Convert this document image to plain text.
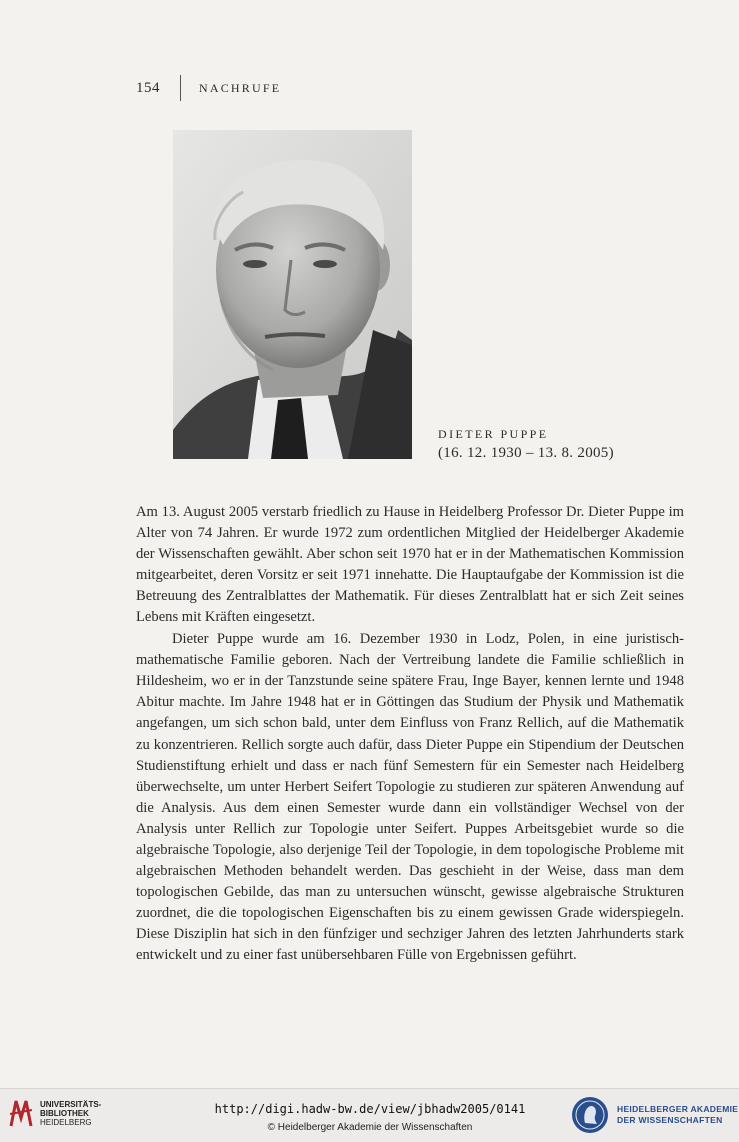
154	NACHRUFE
DIETER PUPPE
(16. 12. 1930 – 13. 8. 2005)

Am 13. August 2005 verstarb friedlich zu Hause in Heidelberg Professor Dr. Dieter Puppe im Alter von 74 Jahren. Er wurde 1972 zum ordentlichen Mitglied der Heidelberger Akademie der Wissenschaften gewählt. Aber schon seit 1970 hat er in der Mathematischen Kommission mitgearbeitet, deren Vorsitz er seit 1971 innehatte. Die Hauptaufgabe der Kommission ist die Betreuung des Zentralblattes der Mathematik. Für dieses Zentralblatt hat er sich Zeit seines Lebens mit Kräften eingesetzt.

Dieter Puppe wurde am 16. Dezember 1930 in Lodz, Polen, in eine juristisch-mathematische Familie geboren. Nach der Vertreibung landete die Familie schließlich in Hildesheim, wo er in der Tanzstunde seine spätere Frau, Inge Bayer, kennen lernte und 1948 Abitur machte. Im Jahre 1948 hat er in Göttingen das Studium der Physik und Mathematik angefangen, um sich schon bald, unter dem Einfluss von Franz Rellich, auf die Mathematik zu konzentrieren. Rellich sorgte auch dafür, dass Dieter Puppe ein Stipendium der Deutschen Studienstiftung erhielt und dass er nach fünf Semestern für ein Semester nach Heidelberg überwechselte, um unter Herbert Seifert Topologie zu studieren zur späteren Anwendung auf die Analysis. Aus dem einen Semester wurde dann ein vollständiger Wechsel von der Analysis unter Rellich zur Topologie unter Seifert. Puppes Arbeitsgebiet wurde so die algebraische Topologie, also derjenige Teil der Topologie, in dem topologische Probleme mit algebraischen Methoden behandelt werden. Das geschieht in der Weise, dass man dem topologischen Gebilde, das man zu untersuchen wünscht, gewisse algebraische Strukturen zuordnet, die die topologischen Eigenschaften bis zu einem gewissen Grade widerspiegeln. Diese Disziplin hat sich in den fünfziger und sechziger Jahren des letzten Jahrhunderts stark entwickelt und zu einer fast unübersehbaren Fülle von Ergebnissen geführt.

UNIVERSITÄTS-
BIBLIOTHEK
HEIDELBERG
http://digi.hadw-bw.de/view/jbhadw2005/0141
© Heidelberger Akademie der Wissenschaften
HEIDELBERGER AKADEMIE
DER WISSENSCHAFTEN
